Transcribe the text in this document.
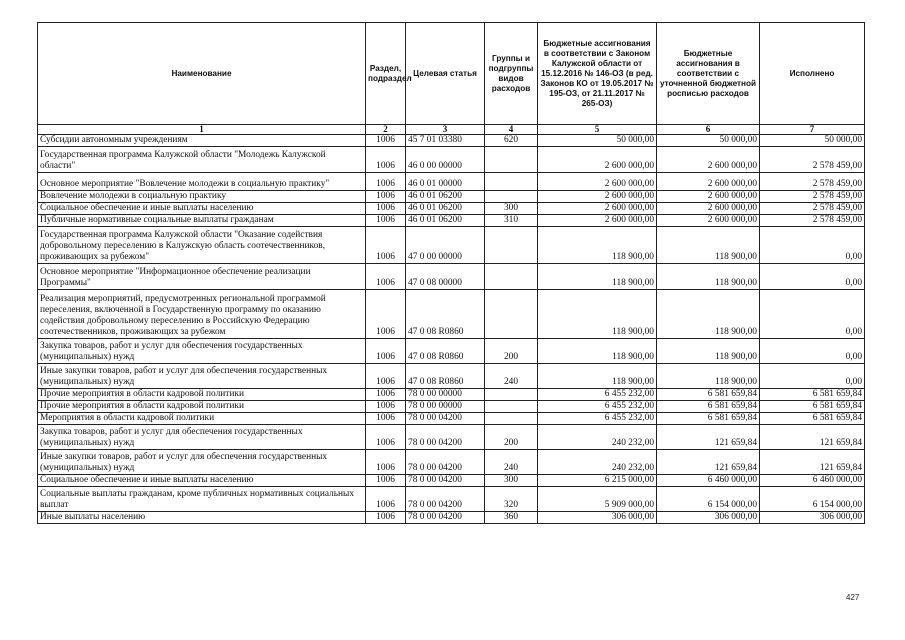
Наименование	Раздел, подраздел	Целевая статья	Группы и подгруппы видов расходов	Бюджетные ассигнования в соответствии с Законом Калужской области от 15.12.2016 № 146-ОЗ (в ред. Законов КО от 19.05.2017 № 195-ОЗ, от 21.11.2017 № 265-ОЗ)	Бюджетные ассигнования в соответствии с уточненной бюджетной росписью расходов	Исполнено
1	2	3	4	5	6	7
Субсидии автономным учреждениям	1006	45 7 01 03380	620	50 000,00	50 000,00	50 000,00
Государственная программа Калужской области "Молодежь Калужской области"	1006	46 0 00 00000		2 600 000,00	2 600 000,00	2 578 459,00
Основное мероприятие "Вовлечение молодежи в социальную практику"	1006	46 0 01 00000		2 600 000,00	2 600 000,00	2 578 459,00
Вовлечение молодежи в социальную практику	1006	46 0 01 06200		2 600 000,00	2 600 000,00	2 578 459,00
Социальное обеспечение и иные выплаты населению	1006	46 0 01 06200	300	2 600 000,00	2 600 000,00	2 578 459,00
Публичные нормативные социальные выплаты гражданам	1006	46 0 01 06200	310	2 600 000,00	2 600 000,00	2 578 459,00
Государственная программа Калужской области "Оказание содействия добровольному переселению в Калужскую область соотечественников, проживающих за рубежом"	1006	47 0 00 00000		118 900,00	118 900,00	0,00
Основное мероприятие "Информационное обеспечение реализации Программы"	1006	47 0 08 00000		118 900,00	118 900,00	0,00
Реализация мероприятий, предусмотренных региональной программой переселения, включенной в Государственную программу по оказанию содействия добровольному переселению в Российскую Федерацию соотечественников, проживающих за рубежом	1006	47 0 08 R0860		118 900,00	118 900,00	0,00
Закупка товаров, работ и услуг для обеспечения государственных (муниципальных) нужд	1006	47 0 08 R0860	200	118 900,00	118 900,00	0,00
Иные закупки товаров, работ и услуг для обеспечения государственных (муниципальных) нужд	1006	47 0 08 R0860	240	118 900,00	118 900,00	0,00
Прочие мероприятия в области кадровой политики	1006	78 0 00 00000		6 455 232,00	6 581 659,84	6 581 659,84
Прочие мероприятия в области кадровой политики	1006	78 0 00 00000		6 455 232,00	6 581 659,84	6 581 659,84
Мероприятия в области кадровой политики	1006	78 0 00 04200		6 455 232,00	6 581 659,84	6 581 659,84
Закупка товаров, работ и услуг для обеспечения государственных (муниципальных) нужд	1006	78 0 00 04200	200	240 232,00	121 659,84	121 659,84
Иные закупки товаров, работ и услуг для обеспечения государственных (муниципальных) нужд	1006	78 0 00 04200	240	240 232,00	121 659,84	121 659,84
Социальное обеспечение и иные выплаты населению	1006	78 0 00 04200	300	6 215 000,00	6 460 000,00	6 460 000,00
Социальные выплаты гражданам, кроме публичных нормативных социальных выплат	1006	78 0 00 04200	320	5 909 000,00	6 154 000,00	6 154 000,00
Иные выплаты населению	1006	78 0 00 04200	360	306 000,00	306 000,00	306 000,00
427
